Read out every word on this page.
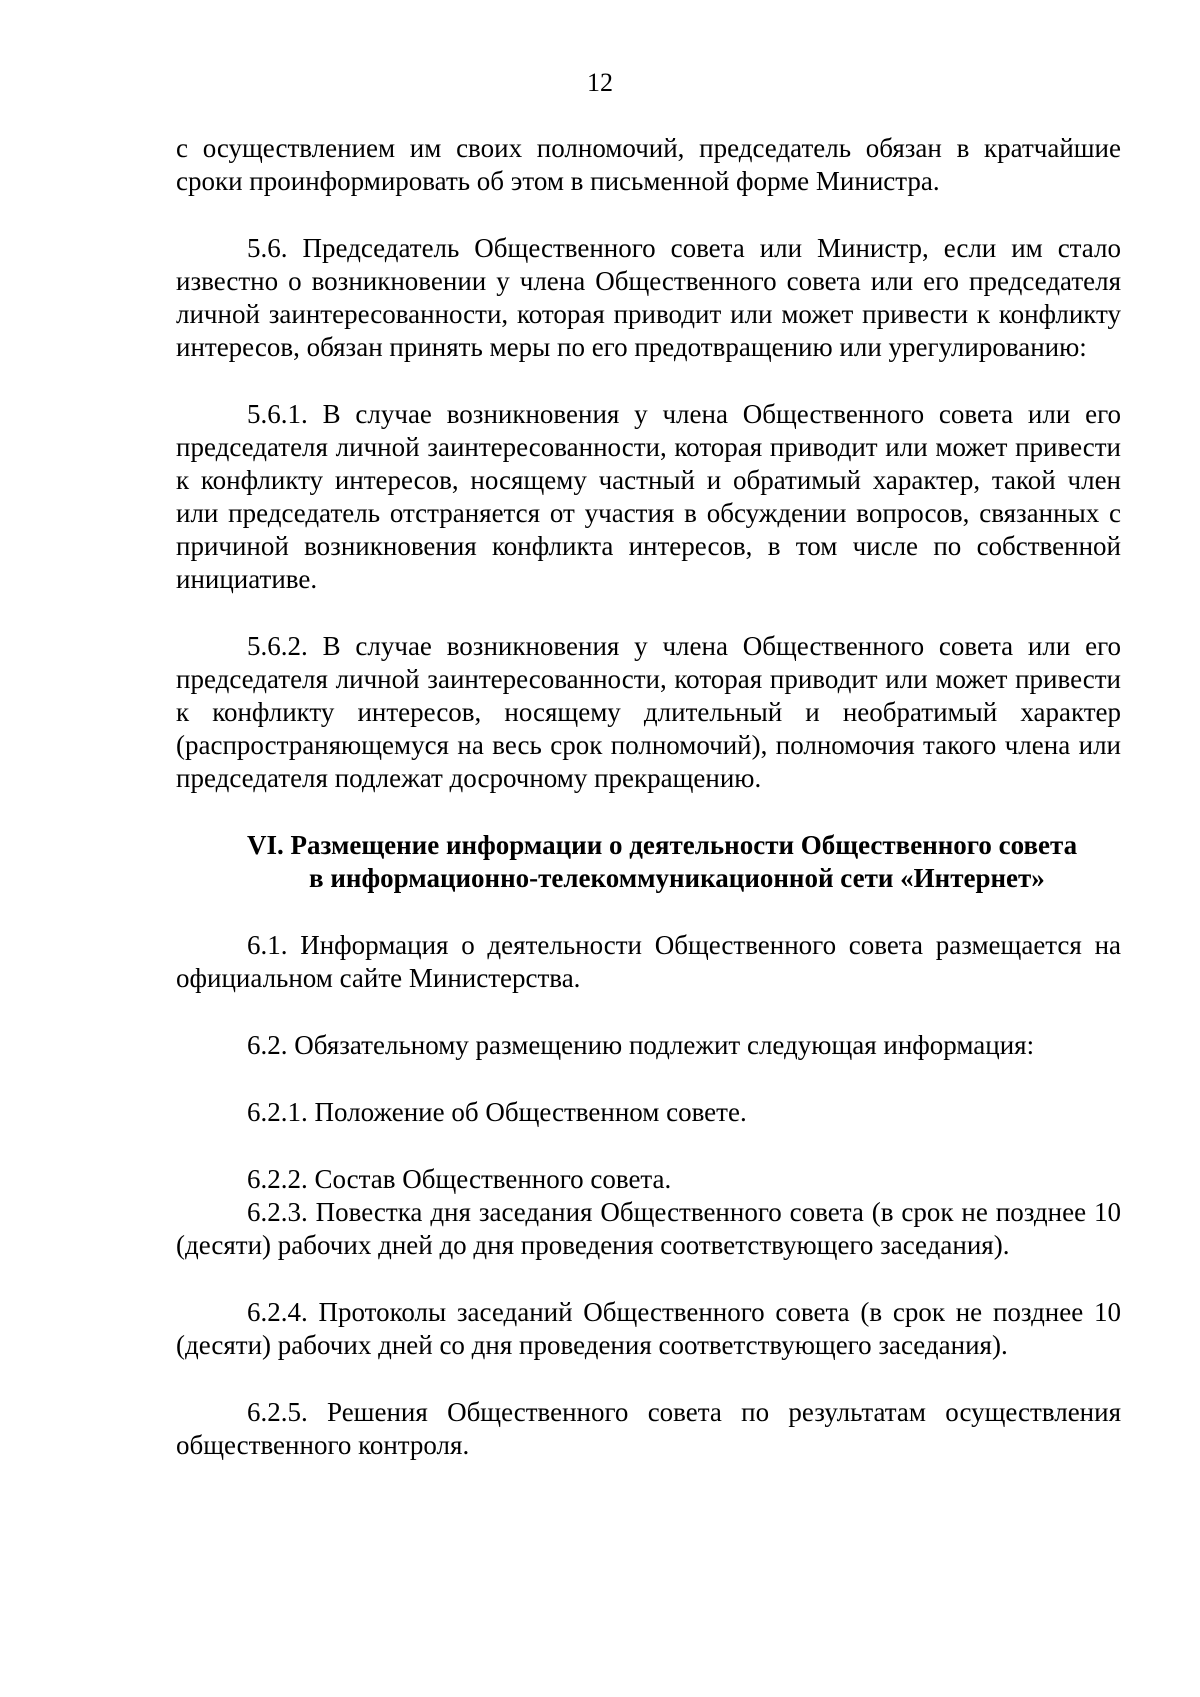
12

с осуществлением им своих полномочий, председатель обязан в кратчайшие сроки проинформировать об этом в письменной форме Министра.

5.6. Председатель Общественного совета или Министр, если им стало известно о возникновении у члена Общественного совета или его председателя личной заинтересованности, которая приводит или может привести к конфликту интересов, обязан принять меры по его предотвращению или урегулированию:

5.6.1. В случае возникновения у члена Общественного совета или его председателя личной заинтересованности, которая приводит или может привести к конфликту интересов, носящему частный и обратимый характер, такой член или председатель отстраняется от участия в обсуждении вопросов, связанных с причиной возникновения конфликта интересов, в том числе по собственной инициативе.

5.6.2. В случае возникновения у члена Общественного совета или его председателя личной заинтересованности, которая приводит или может привести к конфликту интересов, носящему длительный и необратимый характер (распространяющемуся на весь срок полномочий), полномочия такого члена или председателя подлежат досрочному прекращению.

VI. Размещение информации о деятельности Общественного совета
в информационно-телекоммуникационной сети «Интернет»

6.1. Информация о деятельности Общественного совета размещается на официальном сайте Министерства.

6.2. Обязательному размещению подлежит следующая информация:

6.2.1. Положение об Общественном совете.

6.2.2. Состав Общественного совета.

6.2.3. Повестка дня заседания Общественного совета (в срок не позднее 10 (десяти) рабочих дней до дня проведения соответствующего заседания).

6.2.4. Протоколы заседаний Общественного совета (в срок не позднее 10 (десяти) рабочих дней со дня проведения соответствующего заседания).

6.2.5. Решения Общественного совета по результатам осуществления общественного контроля.
